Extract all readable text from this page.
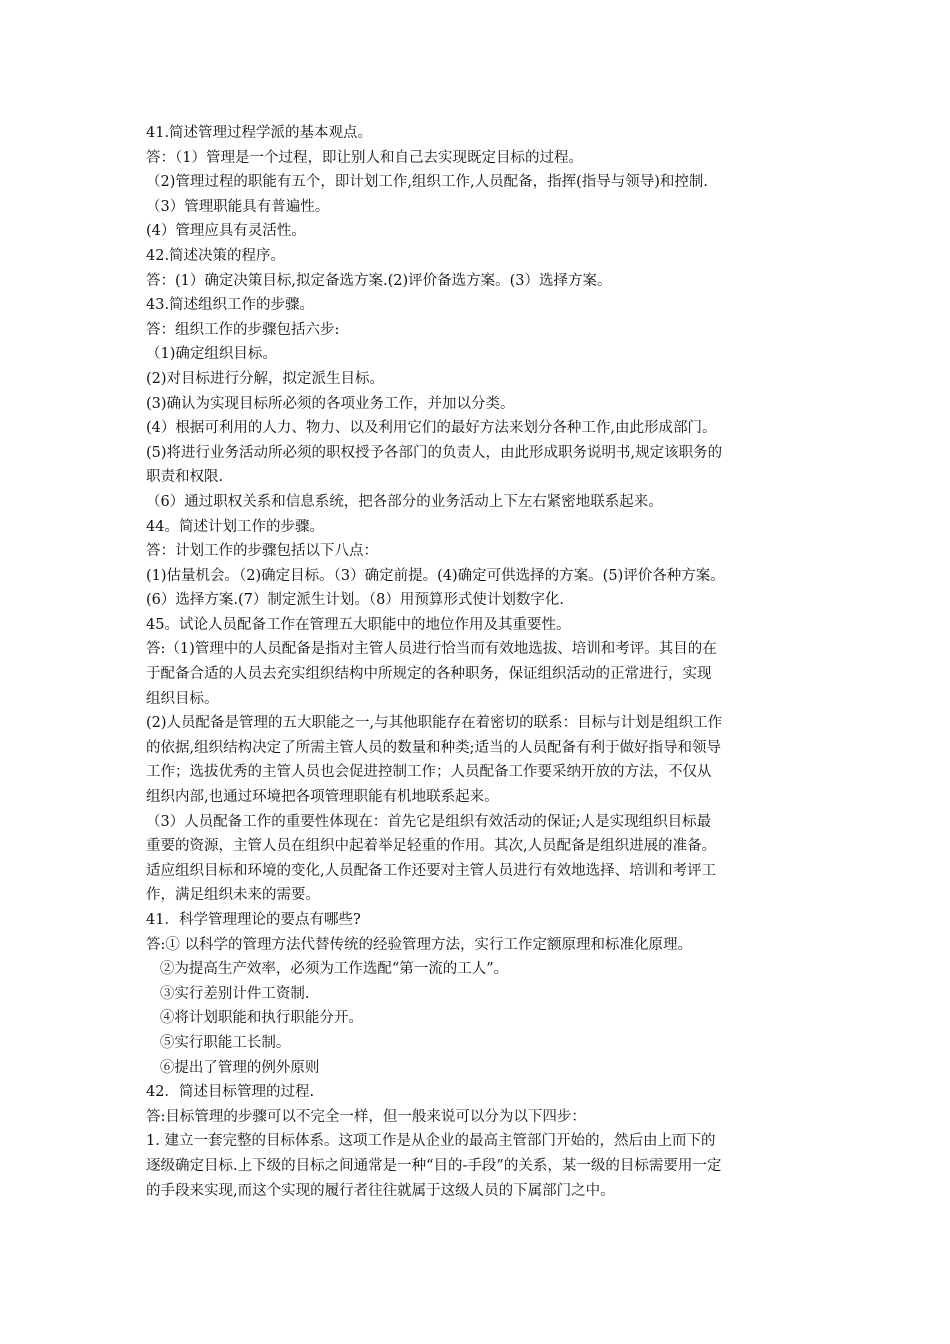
41.简述管理过程学派的基本观点。

答：（1）管理是一个过程，即让别人和自己去实现既定目标的过程。

（2)管理过程的职能有五个，即计划工作,组织工作,人员配备，指挥(指导与领导)和控制.

（3）管理职能具有普遍性。

(4）管理应具有灵活性。

42.简述决策的程序。

答：(1）确定决策目标,拟定备选方案.(2)评价备选方案。(3）选择方案。

43.简述组织工作的步骤。

答：组织工作的步骤包括六步:

（1)确定组织目标。

(2)对目标进行分解，拟定派生目标。

(3)确认为实现目标所必须的各项业务工作，并加以分类。

(4）根据可利用的人力、物力、以及利用它们的最好方法来划分各种工作,由此形成部门。

(5)将进行业务活动所必须的职权授予各部门的负责人，由此形成职务说明书,规定该职务的

职责和权限.

（6）通过职权关系和信息系统，把各部分的业务活动上下左右紧密地联系起来。

44。简述计划工作的步骤。

答：计划工作的步骤包括以下八点：

(1)估量机会。（2)确定目标。（3）确定前提。(4)确定可供选择的方案。(5)评价各种方案。

(6）选择方案.(7）制定派生计划。（8）用预算形式使计划数字化.

45。试论人员配备工作在管理五大职能中的地位作用及其重要性。

答:（1)管理中的人员配备是指对主管人员进行恰当而有效地选拔、培训和考评。其目的在

于配备合适的人员去充实组织结构中所规定的各种职务，保证组织活动的正常进行，实现

组织目标。

(2)人员配备是管理的五大职能之一,与其他职能存在着密切的联系：目标与计划是组织工作

的依据,组织结构决定了所需主管人员的数量和种类;适当的人员配备有利于做好指导和领导

工作；选拔优秀的主管人员也会促进控制工作；人员配备工作要采纳开放的方法，不仅从

组织内部,也通过环境把各项管理职能有机地联系起来。

（3）人员配备工作的重要性体现在：首先它是组织有效活动的保证;人是实现组织目标最

重要的资源，主管人员在组织中起着举足轻重的作用。其次,人员配备是组织进展的准备。

适应组织目标和环境的变化,人员配备工作还要对主管人员进行有效地选择、培训和考评工

作，满足组织未来的需要。

41．科学管理理论的要点有哪些?

答:① 以科学的管理方法代替传统的经验管理方法，实行工作定额原理和标准化原理。

②为提高生产效率，必须为工作选配“第一流的工人”。

③实行差别计件工资制.

④将计划职能和执行职能分开。

⑤实行职能工长制。

⑥提出了管理的例外原则

42．简述目标管理的过程.

答:目标管理的步骤可以不完全一样，但一般来说可以分为以下四步：

1. 建立一套完整的目标体系。这项工作是从企业的最高主管部门开始的，然后由上而下的

逐级确定目标.上下级的目标之间通常是一种“目的-手段”的关系，某一级的目标需要用一定

的手段来实现,而这个实现的履行者往往就属于这级人员的下属部门之中。
